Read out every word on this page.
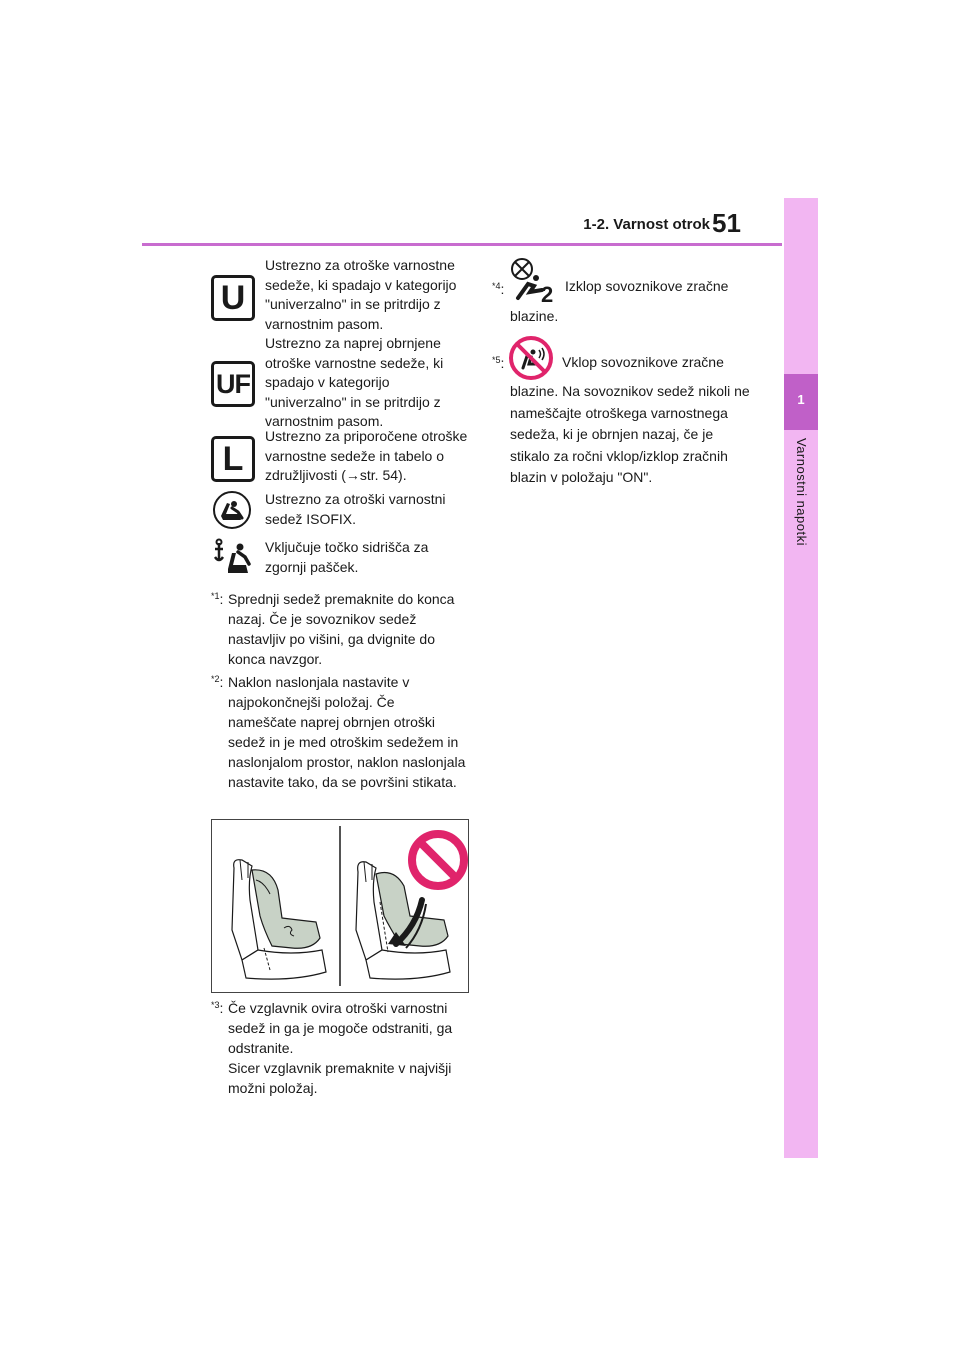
1-2. Varnost otrok 51
1
Varnostni napotki
U
Ustrezno za otroške varnostne sedeže, ki spadajo v kategorijo "univerzalno" in se pritrdijo z varnostnim pasom.
UF
Ustrezno za naprej obrnjene otroške varnostne sedeže, ki spadajo v kategorijo "univerzalno" in se pritrdijo z varnostnim pasom.
L
Ustrezno za priporočene otroške varnostne sedeže in tabelo o združljivosti (→str. 54).
Ustrezno za otroški varnostni sedež ISOFIX.
Vključuje točko sidrišča za zgornji pašček.
$^{*1}$: Sprednji sedež premaknite do konca nazaj. Če je sovoznikov sedež nastavljiv po višini, ga dvignite do konca navzgor.
$^{*2}$: Naklon naslonjala nastavite v najpokončnejši položaj. Če nameščate naprej obrnjen otroški sedež in je med otroškim sedežem in naslonjalom prostor, naklon naslonjala nastavite tako, da se površini stikata.
$^{*3}$: Če vzglavnik ovira otroški varnostni sedež in ga je mogoče odstraniti, ga odstranite.
Sicer vzglavnik premaknite v najvišji možni položaj.
$^{*4}$: 2 Izklop sovoznikove zračne
blazine.
$^{*5}$:	Vklop sovoznikove zračne
blazine. Na sovoznikov sedež nikoli ne nameščajte otroškega varnostnega sedeža, ki je obrnjen nazaj, če je stikalo za ročni vklop/izklop zračnih blazin v položaju "ON".
